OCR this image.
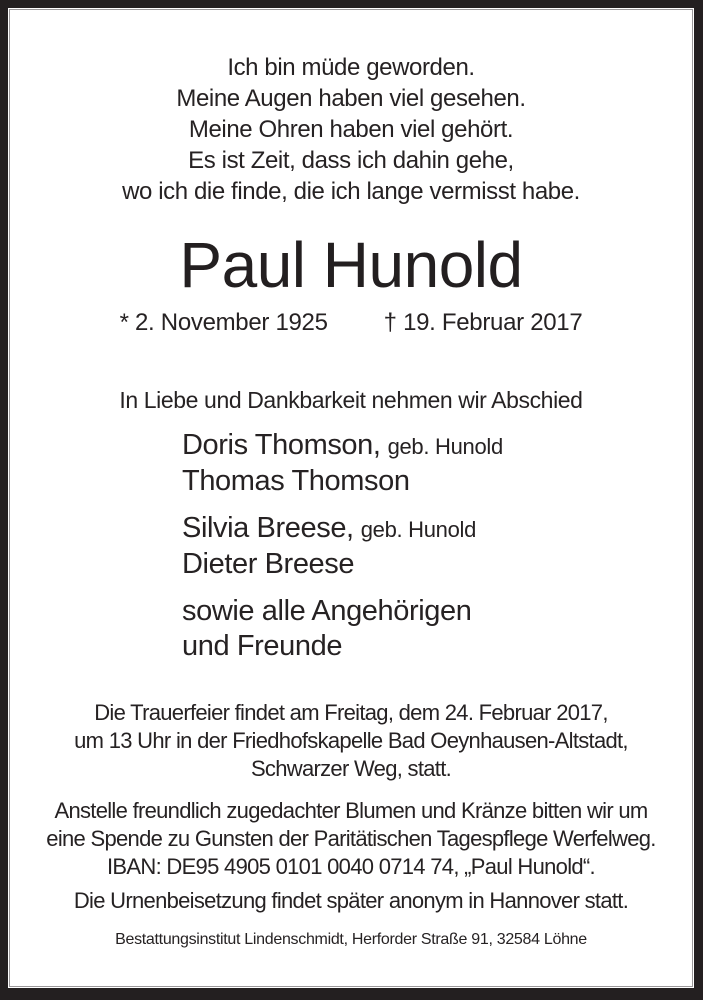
Ich bin müde geworden.
Meine Augen haben viel gesehen.
Meine Ohren haben viel gehört.
Es ist Zeit, dass ich dahin gehe,
wo ich die finde, die ich lange vermisst habe.
Paul Hunold
* 2. November 1925 † 19. Februar 2017
In Liebe und Dankbarkeit nehmen wir Abschied
Doris Thomson, geb. Hunold
Thomas Thomson
Silvia Breese, geb. Hunold
Dieter Breese
sowie alle Angehörigen
und Freunde
Die Trauerfeier findet am Freitag, dem 24. Februar 2017,
um 13 Uhr in der Friedhofskapelle Bad Oeynhausen-Altstadt,
Schwarzer Weg, statt.
Anstelle freundlich zugedachter Blumen und Kränze bitten wir um
eine Spende zu Gunsten der Paritätischen Tagespflege Werfelweg.
IBAN: DE95 4905 0101 0040 0714 74, „Paul Hunold“.
Die Urnenbeisetzung findet später anonym in Hannover statt.
Bestattungsinstitut Lindenschmidt, Herforder Straße 91, 32584 Löhne
